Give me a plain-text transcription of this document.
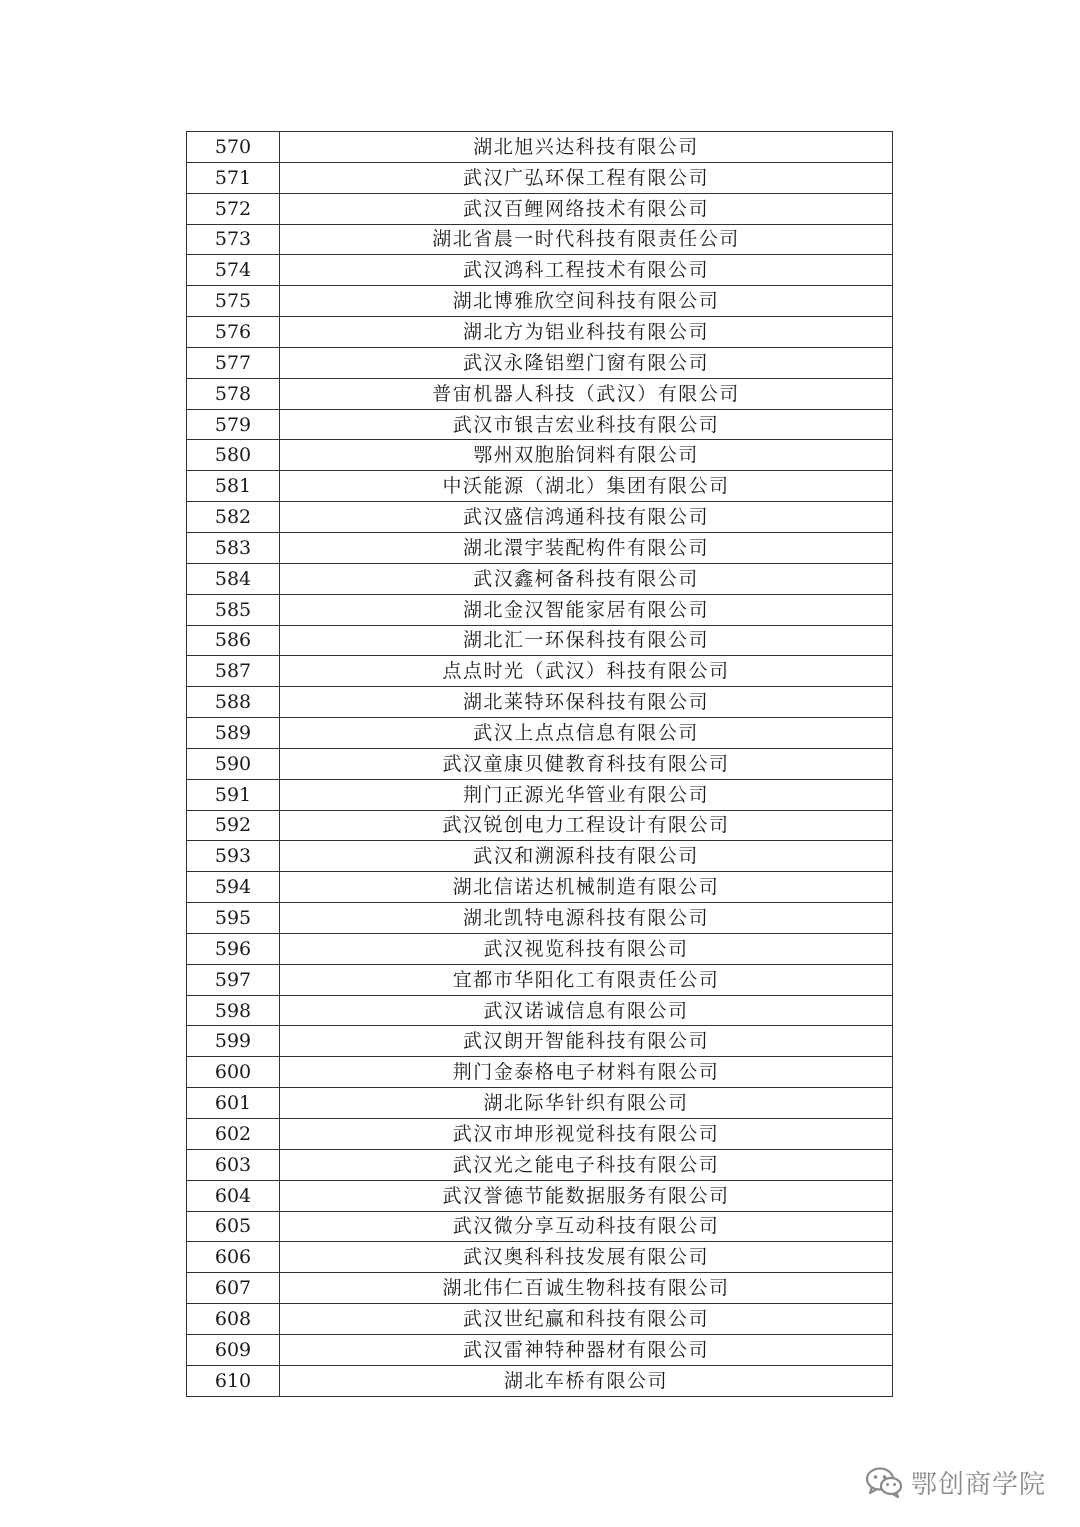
570	湖北旭兴达科技有限公司
571	武汉广弘环保工程有限公司
572	武汉百鲤网络技术有限公司
573	湖北省晨一时代科技有限责任公司
574	武汉鸿科工程技术有限公司
575	湖北博雅欣空间科技有限公司
576	湖北方为铝业科技有限公司
577	武汉永隆铝塑门窗有限公司
578	普宙机器人科技（武汉）有限公司
579	武汉市银吉宏业科技有限公司
580	鄂州双胞胎饲料有限公司
581	中沃能源（湖北）集团有限公司
582	武汉盛信鸿通科技有限公司
583	湖北澴宇装配构件有限公司
584	武汉鑫柯备科技有限公司
585	湖北金汉智能家居有限公司
586	湖北汇一环保科技有限公司
587	点点时光（武汉）科技有限公司
588	湖北莱特环保科技有限公司
589	武汉上点点信息有限公司
590	武汉童康贝健教育科技有限公司
591	荆门正源光华管业有限公司
592	武汉锐创电力工程设计有限公司
593	武汉和溯源科技有限公司
594	湖北信诺达机械制造有限公司
595	湖北凯特电源科技有限公司
596	武汉视览科技有限公司
597	宜都市华阳化工有限责任公司
598	武汉诺诚信息有限公司
599	武汉朗开智能科技有限公司
600	荆门金泰格电子材料有限公司
601	湖北际华针织有限公司
602	武汉市坤形视觉科技有限公司
603	武汉光之能电子科技有限公司
604	武汉誉德节能数据服务有限公司
605	武汉微分享互动科技有限公司
606	武汉奥科科技发展有限公司
607	湖北伟仁百诚生物科技有限公司
608	武汉世纪赢和科技有限公司
609	武汉雷神特种器材有限公司
610	湖北车桥有限公司
鄂创商学院
